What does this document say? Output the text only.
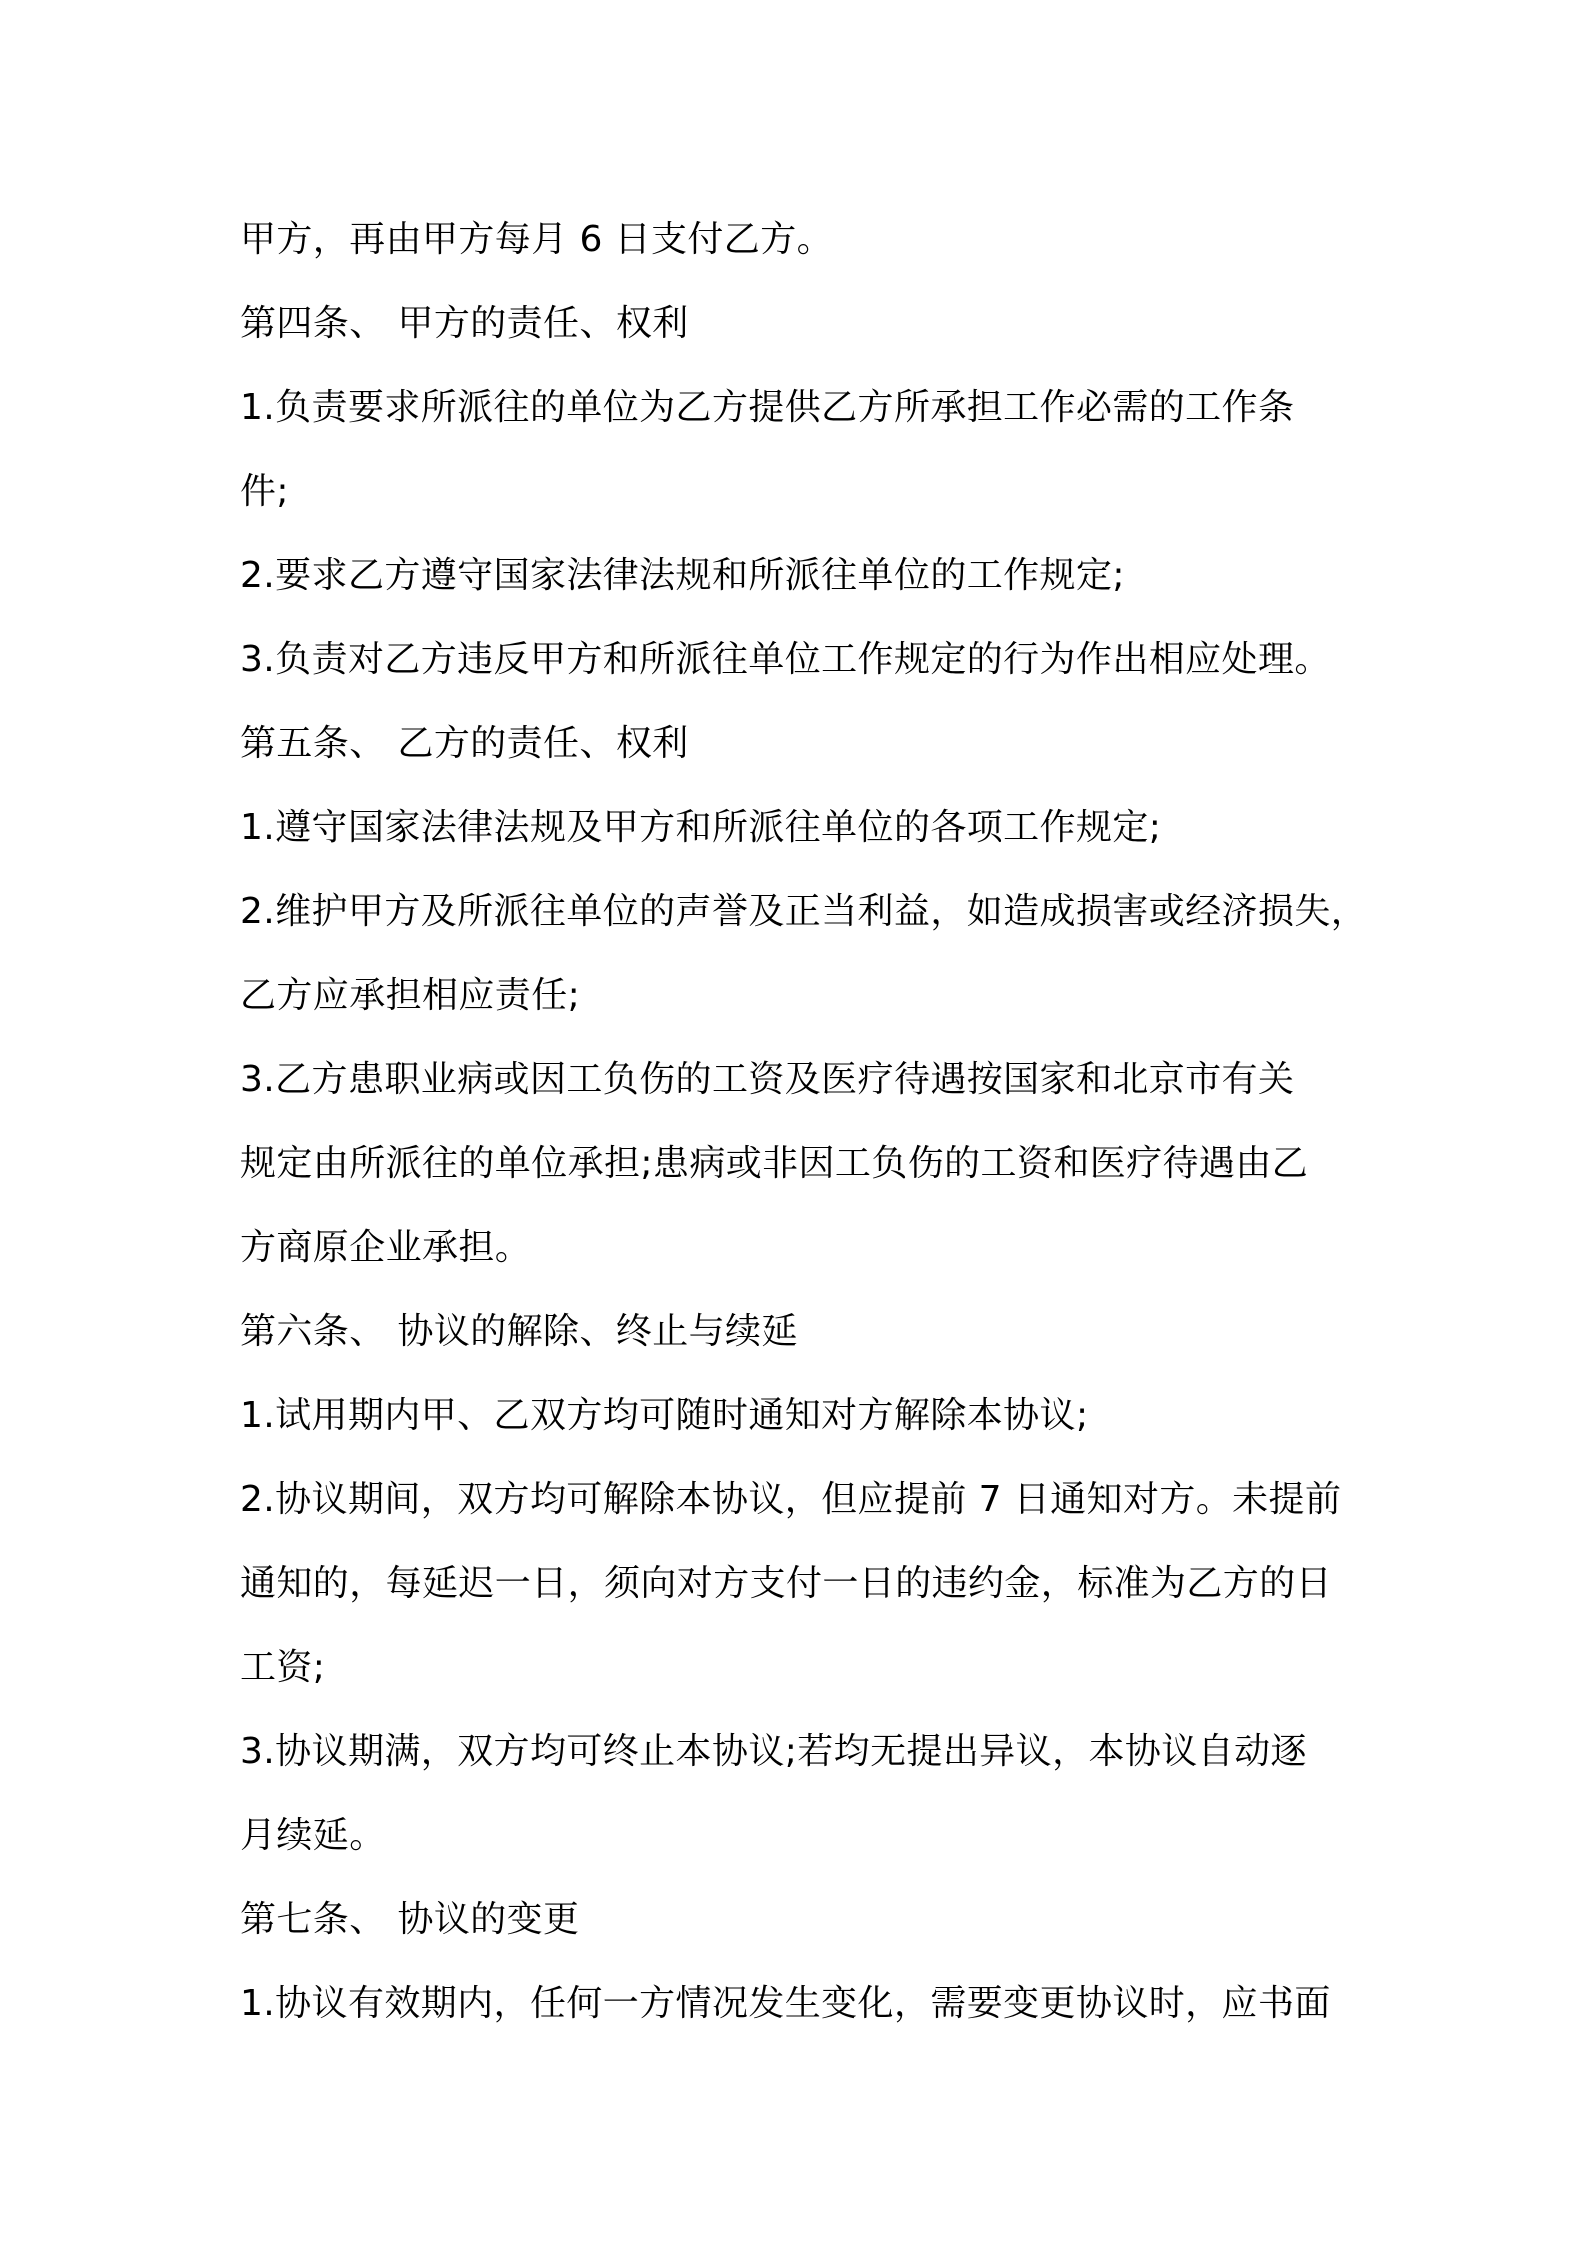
甲方，再由甲方每月 6 日支付乙方。

第四条、 甲方的责任、权利

1.负责要求所派往的单位为乙方提供乙方所承担工作必需的工作条

件;

2.要求乙方遵守国家法律法规和所派往单位的工作规定;

3.负责对乙方违反甲方和所派往单位工作规定的行为作出相应处理。

第五条、 乙方的责任、权利

1.遵守国家法律法规及甲方和所派往单位的各项工作规定;

2.维护甲方及所派往单位的声誉及正当利益，如造成损害或经济损失，

乙方应承担相应责任;

3.乙方患职业病或因工负伤的工资及医疗待遇按国家和北京市有关

规定由所派往的单位承担;患病或非因工负伤的工资和医疗待遇由乙

方商原企业承担。

第六条、 协议的解除、终止与续延

1.试用期内甲、乙双方均可随时通知对方解除本协议;

2.协议期间，双方均可解除本协议，但应提前 7 日通知对方。未提前

通知的，每延迟一日，须向对方支付一日的违约金，标准为乙方的日

工资;

3.协议期满，双方均可终止本协议;若均无提出异议，本协议自动逐

月续延。

第七条、 协议的变更

1.协议有效期内，任何一方情况发生变化，需要变更协议时，应书面
